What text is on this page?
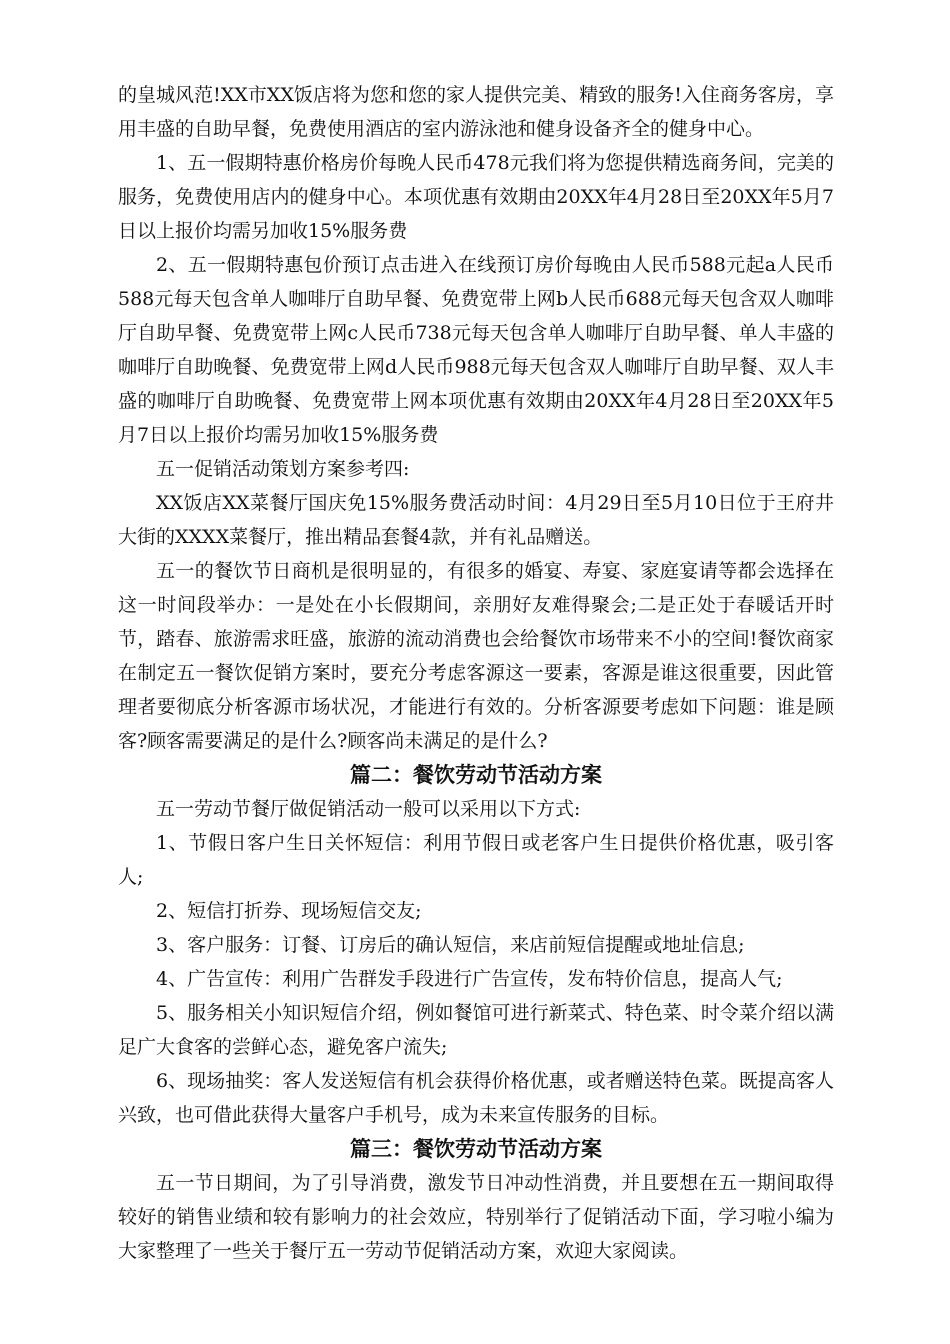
的皇城风范!XX市XX饭店将为您和您的家人提供完美、精致的服务!入住商务客房，享用丰盛的自助早餐，免费使用酒店的室内游泳池和健身设备齐全的健身中心。

1、五一假期特惠价格房价每晚人民币478元我们将为您提供精选商务间，完美的服务，免费使用店内的健身中心。本项优惠有效期由20XX年4月28日至20XX年5月7日以上报价均需另加收15%服务费

2、五一假期特惠包价预订点击进入在线预订房价每晚由人民币588元起a人民币588元每天包含单人咖啡厅自助早餐、免费宽带上网b人民币688元每天包含双人咖啡厅自助早餐、免费宽带上网c人民币738元每天包含单人咖啡厅自助早餐、单人丰盛的咖啡厅自助晚餐、免费宽带上网d人民币988元每天包含双人咖啡厅自助早餐、双人丰盛的咖啡厅自助晚餐、免费宽带上网本项优惠有效期由20XX年4月28日至20XX年5月7日以上报价均需另加收15%服务费

五一促销活动策划方案参考四:

XX饭店XX菜餐厅国庆免15%服务费活动时间：4月29日至5月10日位于王府井大街的XXXX菜餐厅，推出精品套餐4款，并有礼品赠送。

五一的餐饮节日商机是很明显的，有很多的婚宴、寿宴、家庭宴请等都会选择在这一时间段举办：一是处在小长假期间，亲朋好友难得聚会;二是正处于春暖话开时节，踏春、旅游需求旺盛，旅游的流动消费也会给餐饮市场带来不小的空间!餐饮商家在制定五一餐饮促销方案时，要充分考虑客源这一要素，客源是谁这很重要，因此管理者要彻底分析客源市场状况，才能进行有效的。分析客源要考虑如下问题：谁是顾客?顾客需要满足的是什么?顾客尚未满足的是什么?

篇二：餐饮劳动节活动方案

五一劳动节餐厅做促销活动一般可以采用以下方式:

1、节假日客户生日关怀短信：利用节假日或老客户生日提供价格优惠，吸引客人;

2、短信打折券、现场短信交友;

3、客户服务：订餐、订房后的确认短信，来店前短信提醒或地址信息;

4、广告宣传：利用广告群发手段进行广告宣传，发布特价信息，提高人气;

5、服务相关小知识短信介绍，例如餐馆可进行新菜式、特色菜、时令菜介绍以满足广大食客的尝鲜心态，避免客户流失;

6、现场抽奖：客人发送短信有机会获得价格优惠，或者赠送特色菜。既提高客人兴致，也可借此获得大量客户手机号，成为未来宣传服务的目标。

篇三：餐饮劳动节活动方案

五一节日期间，为了引导消费，激发节日冲动性消费，并且要想在五一期间取得较好的销售业绩和较有影响力的社会效应，特别举行了促销活动下面，学习啦小编为大家整理了一些关于餐厅五一劳动节促销活动方案，欢迎大家阅读。
